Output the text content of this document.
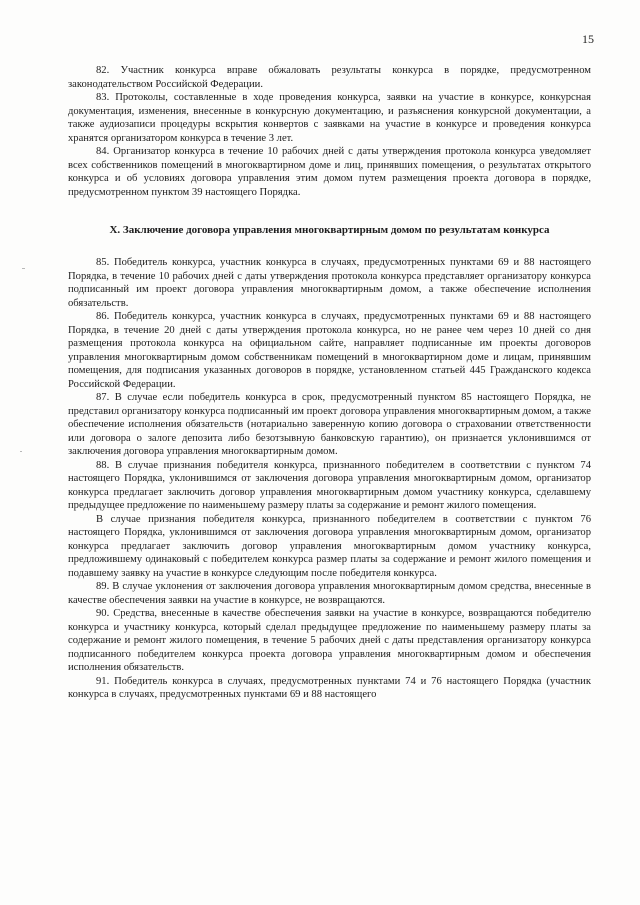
15

82. Участник конкурса вправе обжаловать результаты конкурса в порядке, предусмотренном законодательством Российской Федерации.

83. Протоколы, составленные в ходе проведения конкурса, заявки на участие в конкурсе, конкурсная документация, изменения, внесенные в конкурсную документацию, и разъяснения конкурсной документации, а также аудиозаписи процедуры вскрытия конвертов с заявками на участие в конкурсе и проведения конкурса хранятся организатором конкурса в течение 3 лет.

84. Организатор конкурса в течение 10 рабочих дней с даты утверждения протокола конкурса уведомляет всех собственников помещений в многоквартирном доме и лиц, принявших помещения, о результатах открытого конкурса и об условиях договора управления этим домом путем размещения проекта договора в порядке, предусмотренном пунктом 39 настоящего Порядка.

X. Заключение договора управления многоквартирным домом по результатам конкурса

85. Победитель конкурса, участник конкурса в случаях, предусмотренных пунктами 69 и 88 настоящего Порядка, в течение 10 рабочих дней с даты утверждения протокола конкурса представляет организатору конкурса подписанный им проект договора управления многоквартирным домом, а также обеспечение исполнения обязательств.

86. Победитель конкурса, участник конкурса в случаях, предусмотренных пунктами 69 и 88 настоящего Порядка, в течение 20 дней с даты утверждения протокола конкурса, но не ранее чем через 10 дней со дня размещения протокола конкурса на официальном сайте, направляет подписанные им проекты договоров управления многоквартирным домом собственникам помещений в многоквартирном доме и лицам, принявшим помещения, для подписания указанных договоров в порядке, установленном статьей 445 Гражданского кодекса Российской Федерации.

87. В случае если победитель конкурса в срок, предусмотренный пунктом 85 настоящего Порядка, не представил организатору конкурса подписанный им проект договора управления многоквартирным домом, а также обеспечение исполнения обязательств (нотариально заверенную копию договора о страховании ответственности или договора о залоге депозита либо безотзывную банковскую гарантию), он признается уклонившимся от заключения договора управления многоквартирным домом.

88. В случае признания победителя конкурса, признанного победителем в соответствии с пунктом 74 настоящего Порядка, уклонившимся от заключения договора управления многоквартирным домом, организатор конкурса предлагает заключить договор управления многоквартирным домом участнику конкурса, сделавшему предыдущее предложение по наименьшему размеру платы за содержание и ремонт жилого помещения.

В случае признания победителя конкурса, признанного победителем в соответствии с пунктом 76 настоящего Порядка, уклонившимся от заключения договора управления многоквартирным домом, организатор конкурса предлагает заключить договор управления многоквартирным домом участнику конкурса, предложившему одинаковый с победителем конкурса размер платы за содержание и ремонт жилого помещения и подавшему заявку на участие в конкурсе следующим после победителя конкурса.

89. В случае уклонения от заключения договора управления многоквартирным домом средства, внесенные в качестве обеспечения заявки на участие в конкурсе, не возвращаются.

90. Средства, внесенные в качестве обеспечения заявки на участие в конкурсе, возвращаются победителю конкурса и участнику конкурса, который сделал предыдущее предложение по наименьшему размеру платы за содержание и ремонт жилого помещения, в течение 5 рабочих дней с даты представления организатору конкурса подписанного победителем конкурса проекта договора управления многоквартирным домом и обеспечения исполнения обязательств.

91. Победитель конкурса в случаях, предусмотренных пунктами 74 и 76 настоящего Порядка (участник конкурса в случаях, предусмотренных пунктами 69 и 88 настоящего
